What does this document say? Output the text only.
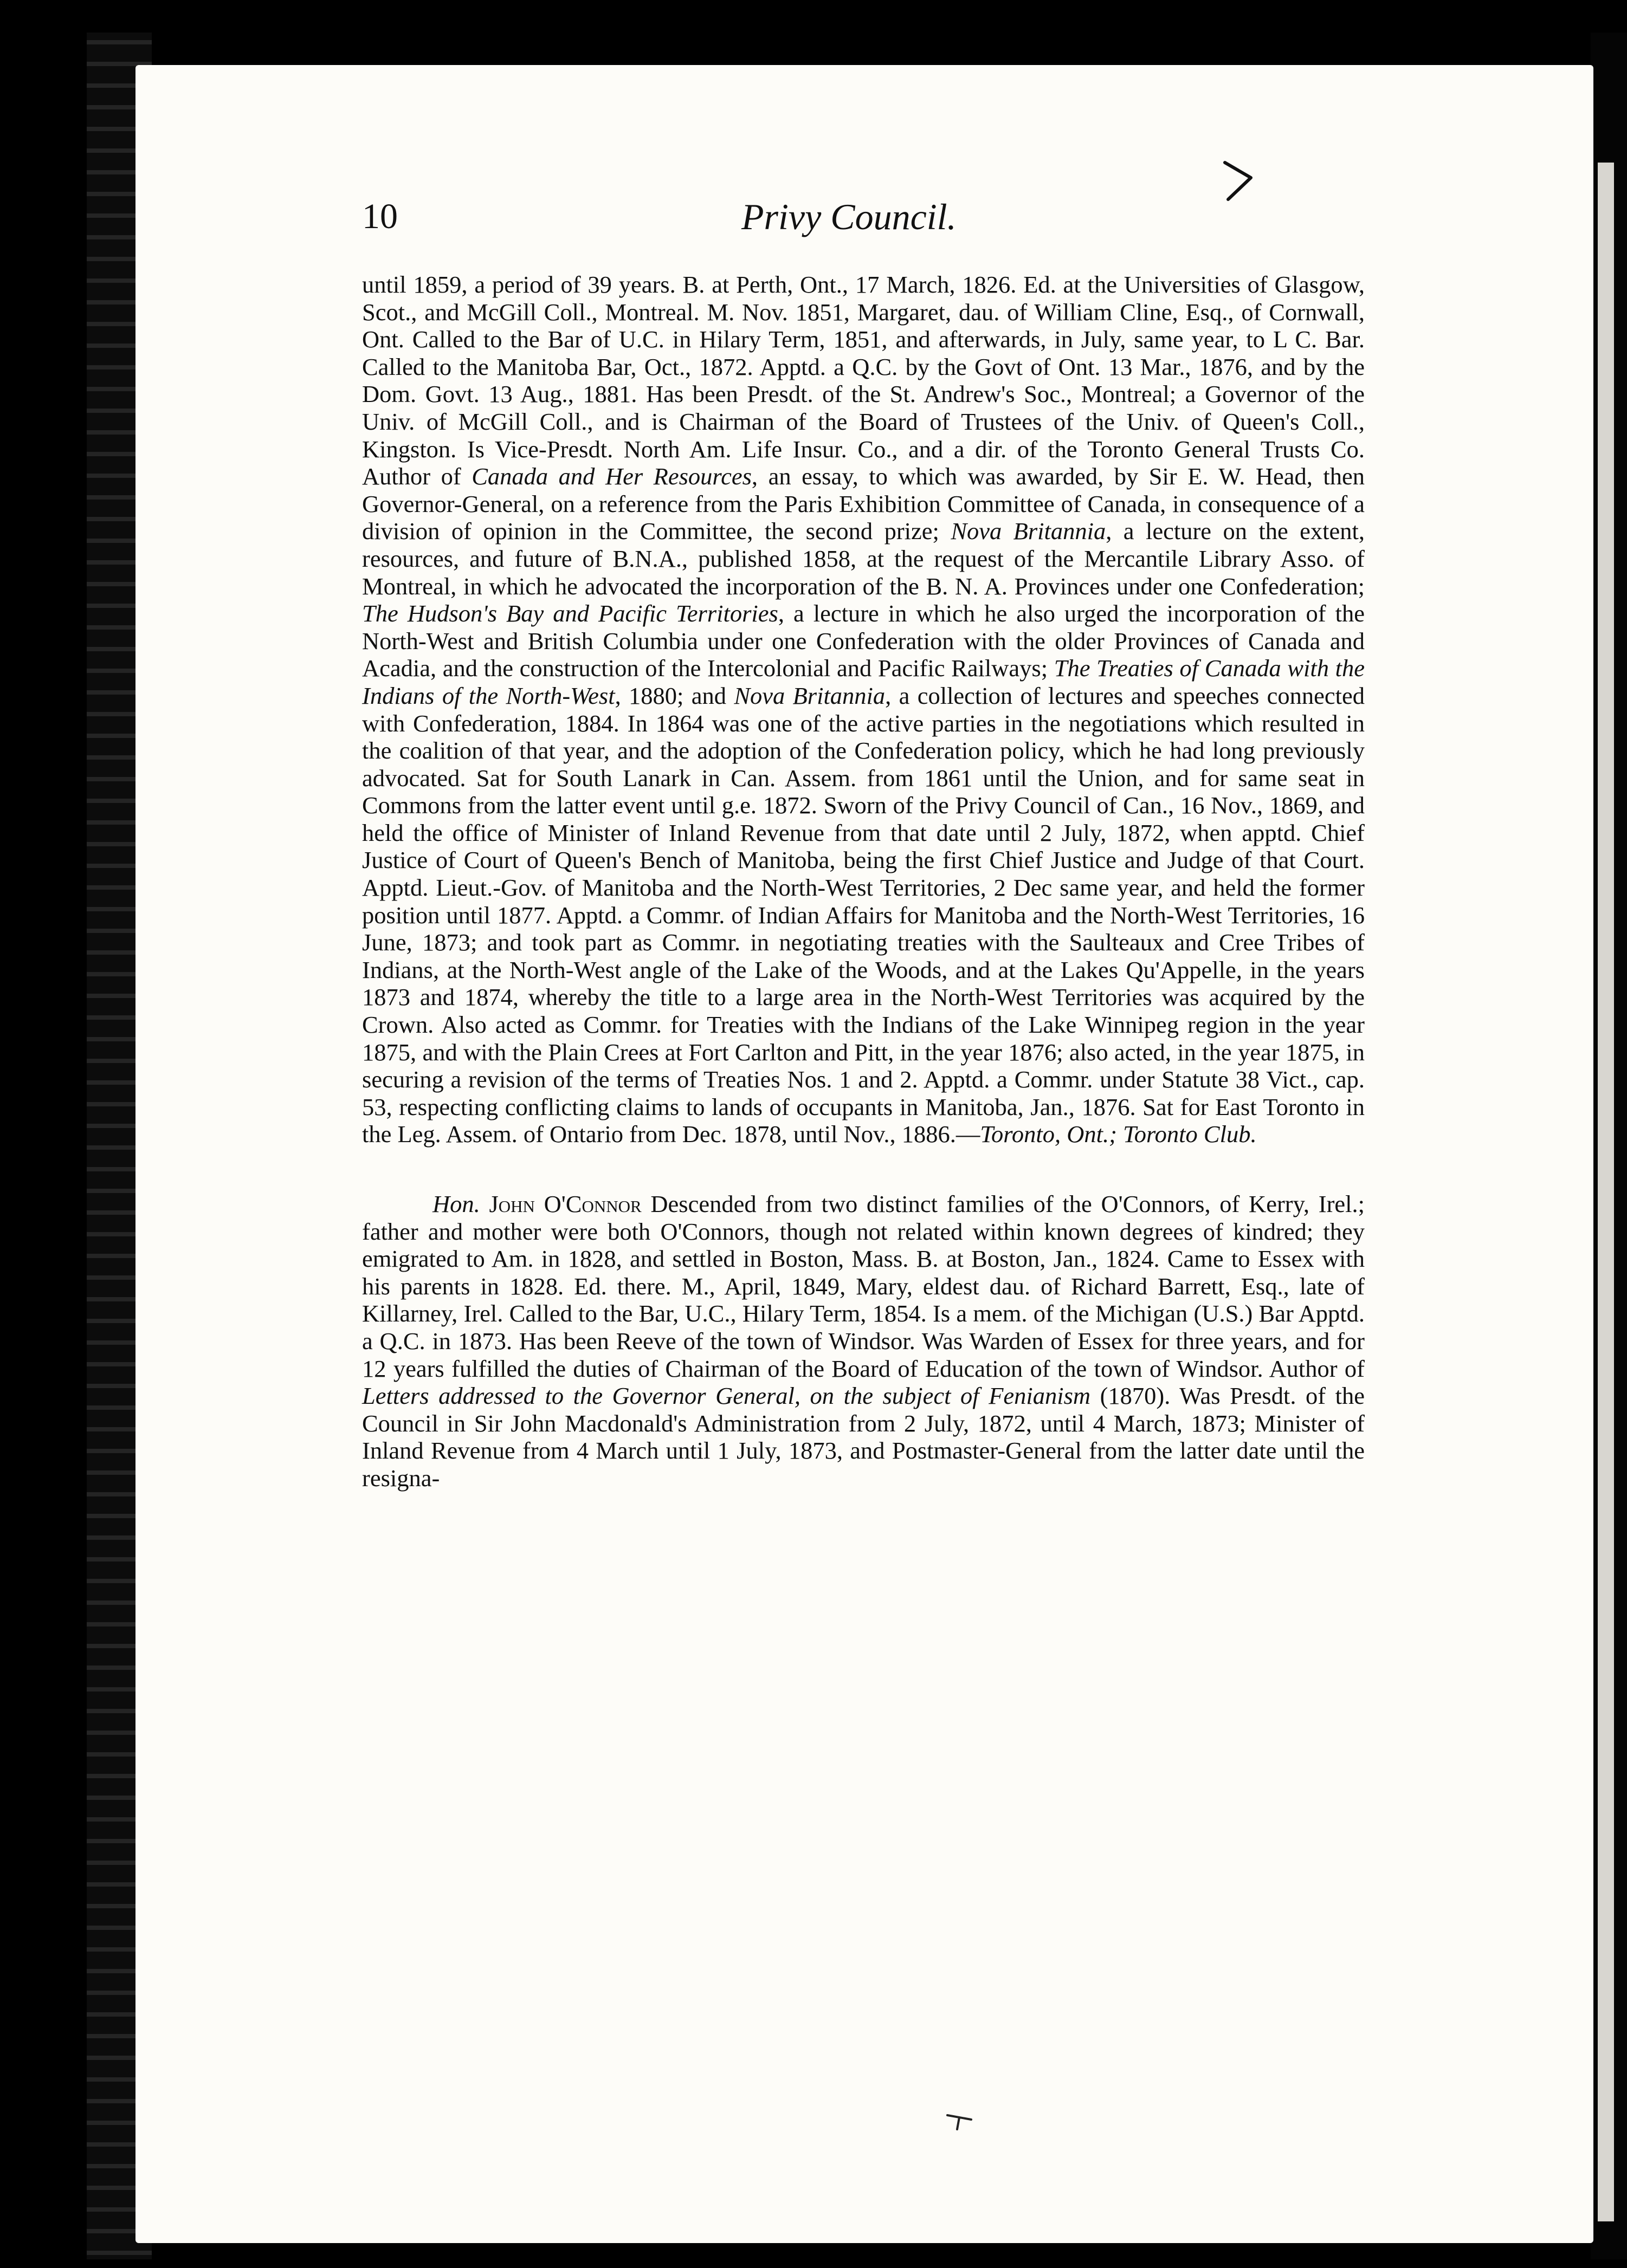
10	Privy Council.

until 1859, a period of 39 years. B. at Perth, Ont., 17 March, 1826. Ed. at the Universities of Glasgow, Scot., and McGill Coll., Montreal. M. Nov. 1851, Margaret, dau. of William Cline, Esq., of Cornwall, Ont. Called to the Bar of U.C. in Hilary Term, 1851, and afterwards, in July, same year, to L C. Bar. Called to the Manitoba Bar, Oct., 1872. Apptd. a Q.C. by the Govt of Ont. 13 Mar., 1876, and by the Dom. Govt. 13 Aug., 1881. Has been Presdt. of the St. Andrew's Soc., Montreal; a Governor of the Univ. of McGill Coll., and is Chairman of the Board of Trustees of the Univ. of Queen's Coll., Kingston. Is Vice-Presdt. North Am. Life Insur. Co., and a dir. of the Toronto General Trusts Co. Author of Canada and Her Resources, an essay, to which was awarded, by Sir E. W. Head, then Governor-General, on a reference from the Paris Exhibition Committee of Canada, in consequence of a division of opinion in the Committee, the second prize; Nova Britannia, a lecture on the extent, resources, and future of B.N.A., published 1858, at the request of the Mercantile Library Asso. of Montreal, in which he advocated the incorporation of the B. N. A. Provinces under one Confederation; The Hudson's Bay and Pacific Territories, a lecture in which he also urged the incorporation of the North-West and British Columbia under one Confederation with the older Provinces of Canada and Acadia, and the construction of the Intercolonial and Pacific Railways; The Treaties of Canada with the Indians of the North-West, 1880; and Nova Britannia, a collection of lectures and speeches connected with Confederation, 1884. In 1864 was one of the active parties in the negotiations which resulted in the coalition of that year, and the adoption of the Confederation policy, which he had long previously advocated. Sat for South Lanark in Can. Assem. from 1861 until the Union, and for same seat in Commons from the latter event until g.e. 1872. Sworn of the Privy Council of Can., 16 Nov., 1869, and held the office of Minister of Inland Revenue from that date until 2 July, 1872, when apptd. Chief Justice of Court of Queen's Bench of Manitoba, being the first Chief Justice and Judge of that Court. Apptd. Lieut.-Gov. of Manitoba and the North-West Territories, 2 Dec same year, and held the former position until 1877. Apptd. a Commr. of Indian Affairs for Manitoba and the North-West Territories, 16 June, 1873; and took part as Commr. in negotiating treaties with the Saulteaux and Cree Tribes of Indians, at the North-West angle of the Lake of the Woods, and at the Lakes Qu'Appelle, in the years 1873 and 1874, whereby the title to a large area in the North-West Territories was acquired by the Crown. Also acted as Commr. for Treaties with the Indians of the Lake Winnipeg region in the year 1875, and with the Plain Crees at Fort Carlton and Pitt, in the year 1876; also acted, in the year 1875, in securing a revision of the terms of Treaties Nos. 1 and 2. Apptd. a Commr. under Statute 38 Vict., cap. 53, respecting conflicting claims to lands of occupants in Manitoba, Jan., 1876. Sat for East Toronto in the Leg. Assem. of Ontario from Dec. 1878, until Nov., 1886.—Toronto, Ont.; Toronto Club.

Hon. John O'Connor Descended from two distinct families of the O'Connors, of Kerry, Irel.; father and mother were both O'Connors, though not related within known degrees of kindred; they emigrated to Am. in 1828, and settled in Boston, Mass. B. at Boston, Jan., 1824. Came to Essex with his parents in 1828. Ed. there. M., April, 1849, Mary, eldest dau. of Richard Barrett, Esq., late of Killarney, Irel. Called to the Bar, U.C., Hilary Term, 1854. Is a mem. of the Michigan (U.S.) Bar Apptd. a Q.C. in 1873. Has been Reeve of the town of Windsor. Was Warden of Essex for three years, and for 12 years fulfilled the duties of Chairman of the Board of Education of the town of Windsor. Author of Letters addressed to the Governor General, on the subject of Fenianism (1870). Was Presdt. of the Council in Sir John Macdonald's Administration from 2 July, 1872, until 4 March, 1873; Minister of Inland Revenue from 4 March until 1 July, 1873, and Postmaster-General from the latter date until the resigna-
